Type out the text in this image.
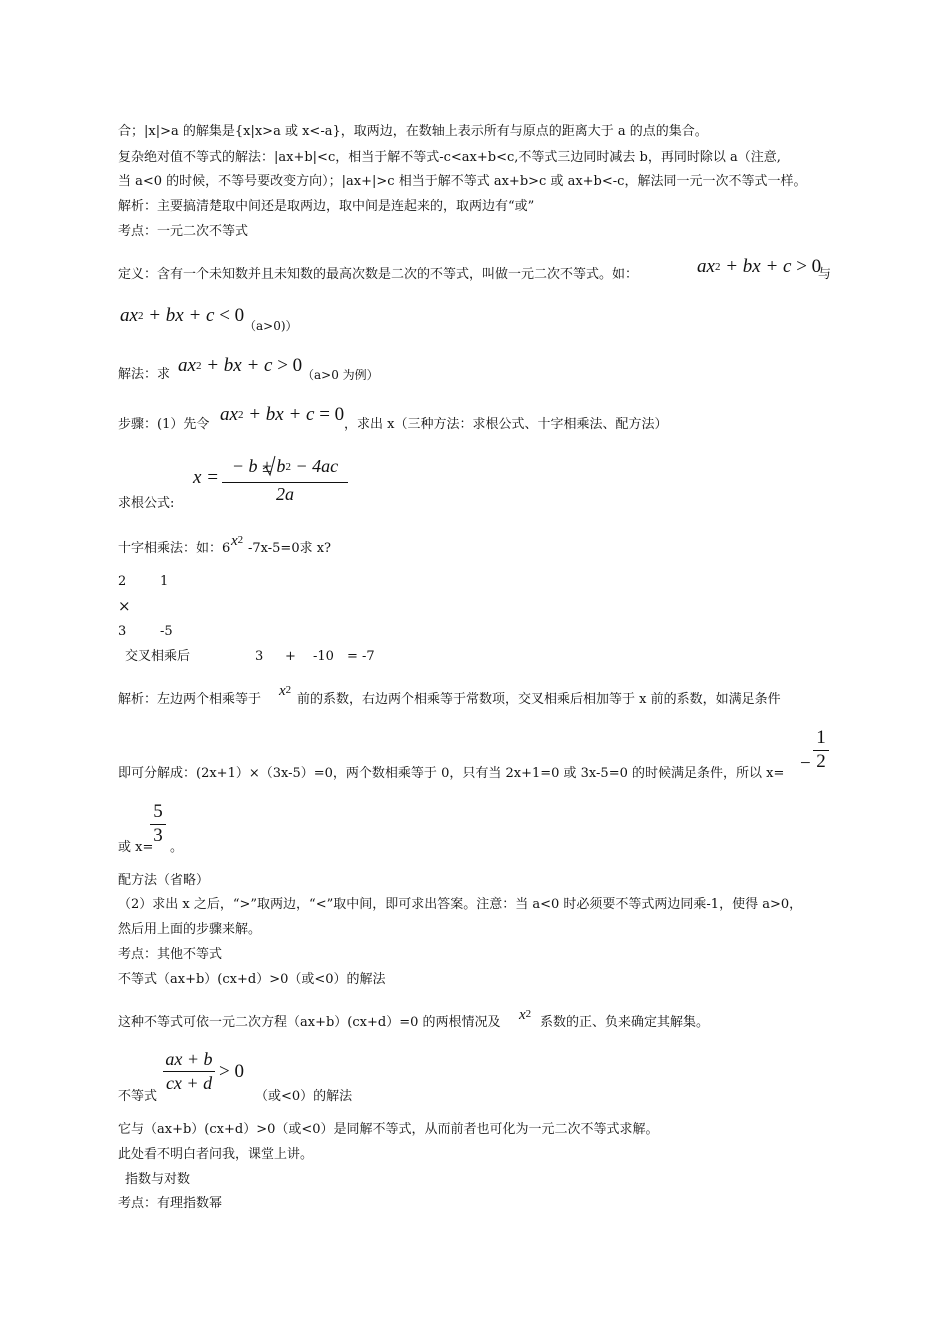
合；|x|>a 的解集是{x|x>a 或 x<-a}，取两边，在数轴上表示所有与原点的距离大于 a 的点的集合。
复杂绝对值不等式的解法：|ax+b|<c，相当于解不等式-c<ax+b<c,不等式三边同时减去 b，再同时除以 a（注意,
当 a<0 的时候，不等号要改变方向）；|ax+|>c 相当于解不等式 ax+b>c 或 ax+b<-c，解法同一元一次不等式一样。
解析：主要搞清楚取中间还是取两边，取中间是连起来的，取两边有“或”
考点：一元二次不等式
定义：含有一个未知数并且未知数的最高次数是二次的不等式，叫做一元二次不等式。如：	ax2 + bx + c > 0
与
ax2 + bx + c < 0 （a>0)）
解法：求 ax2 + bx + c > 0 （a>0 为例）
步骤：(1）先令 ax2 + bx + c = 0 ，求出 x（三种方法：求根公式、十字相乘法、配方法）
x =
− b ± b2 − 4ac
2a
求根公式:
十字相乘法：如：6 x2
-7x-5=0求 x?
2	1
×
3	-5
交叉相乘后	3 + -10 = -7
解析：左边两个相乘等于
x2
前的系数，右边两个相乘等于常数项，交叉相乘后相加等于 x 前的系数，如满足条件
−
1
2
即可分解成：(2x+1）×（3x-5）=0，两个数相乘等于 0，只有当 2x+1=0 或 3x-5=0 的时候满足条件，所以 x=
5
3
或 x= 。
配方法（省略）
（2）求出 x 之后，“>”取两边，“<”取中间，即可求出答案。注意：当 a<0 时必须要不等式两边同乘-1，使得 a>0，
然后用上面的步骤来解。
考点：其他不等式
不等式（ax+b）(cx+d）>0（或<0）的解法
这种不等式可依一元二次方程（ax+b）(cx+d）=0 的两根情况及 x2
系数的正、负来确定其解集。
ax + b
cx + d
> 0
不等式	（或<0）的解法
它与（ax+b）(cx+d）>0（或<0）是同解不等式，从而前者也可化为一元二次不等式求解。
此处看不明白者问我，课堂上讲。
指数与对数
考点：有理指数幂
